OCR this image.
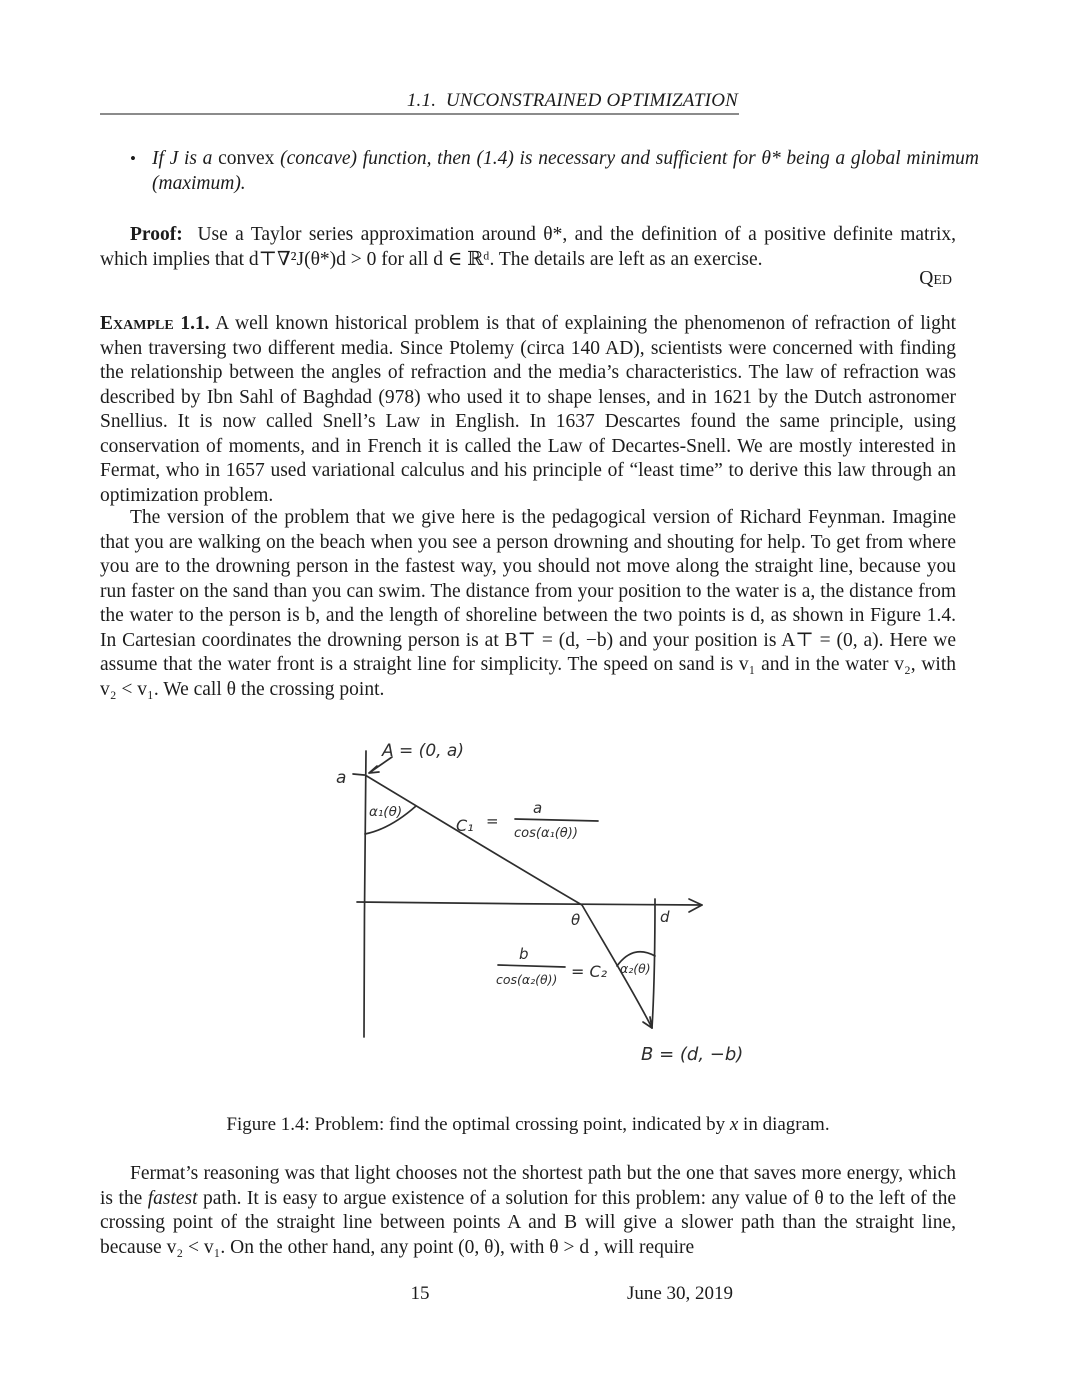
1.1. UNCONSTRAINED OPTIMIZATION
• If J is a convex (concave) function, then (1.4) is necessary and sufficient for θ* being a global minimum (maximum).
Proof: Use a Taylor series approximation around θ*, and the definition of a positive definite matrix, which implies that d⊤∇²J(θ*)d > 0 for all d ∈ ℝᵈ. The details are left as an exercise.
Qed
Example 1.1. A well known historical problem is that of explaining the phenomenon of refraction of light when traversing two different media. Since Ptolemy (circa 140 AD), scientists were concerned with finding the relationship between the angles of refraction and the media’s characteristics. The law of refraction was described by Ibn Sahl of Baghdad (978) who used it to shape lenses, and in 1621 by the Dutch astronomer Snellius. It is now called Snell’s Law in English. In 1637 Descartes found the same principle, using conservation of moments, and in French it is called the Law of Decartes-Snell. We are mostly interested in Fermat, who in 1657 used variational calculus and his principle of “least time” to derive this law through an optimization problem.
The version of the problem that we give here is the pedagogical version of Richard Feynman. Imagine that you are walking on the beach when you see a person drowning and shouting for help. To get from where you are to the drowning person in the fastest way, you should not move along the straight line, because you run faster on the sand than you can swim. The distance from your position to the water is a, the distance from the water to the person is b, and the length of shoreline between the two points is d, as shown in Figure 1.4. In Cartesian coordinates the drowning person is at B⊤ = (d, −b) and your position is A⊤ = (0, a). Here we assume that the water front is a straight line for simplicity. The speed on sand is v₁ and in the water v₂, with v₂ < v₁. We call θ the crossing point.
A = (0, a)
a
α₁(θ)
C₁ =
a
cos(α₁(θ))
θ	d
b
cos(α₂(θ)) = C₂ α₂(θ)
B = (d, −b)
Figure 1.4: Problem: find the optimal crossing point, indicated by x in diagram.
Fermat’s reasoning was that light chooses not the shortest path but the one that saves more energy, which is the fastest path. It is easy to argue existence of a solution for this problem: any value of θ to the left of the crossing point of the straight line between points A and B will give a slower path than the straight line, because v₂ < v₁. On the other hand, any point (0, θ), with θ > d , will require
15	June 30, 2019
